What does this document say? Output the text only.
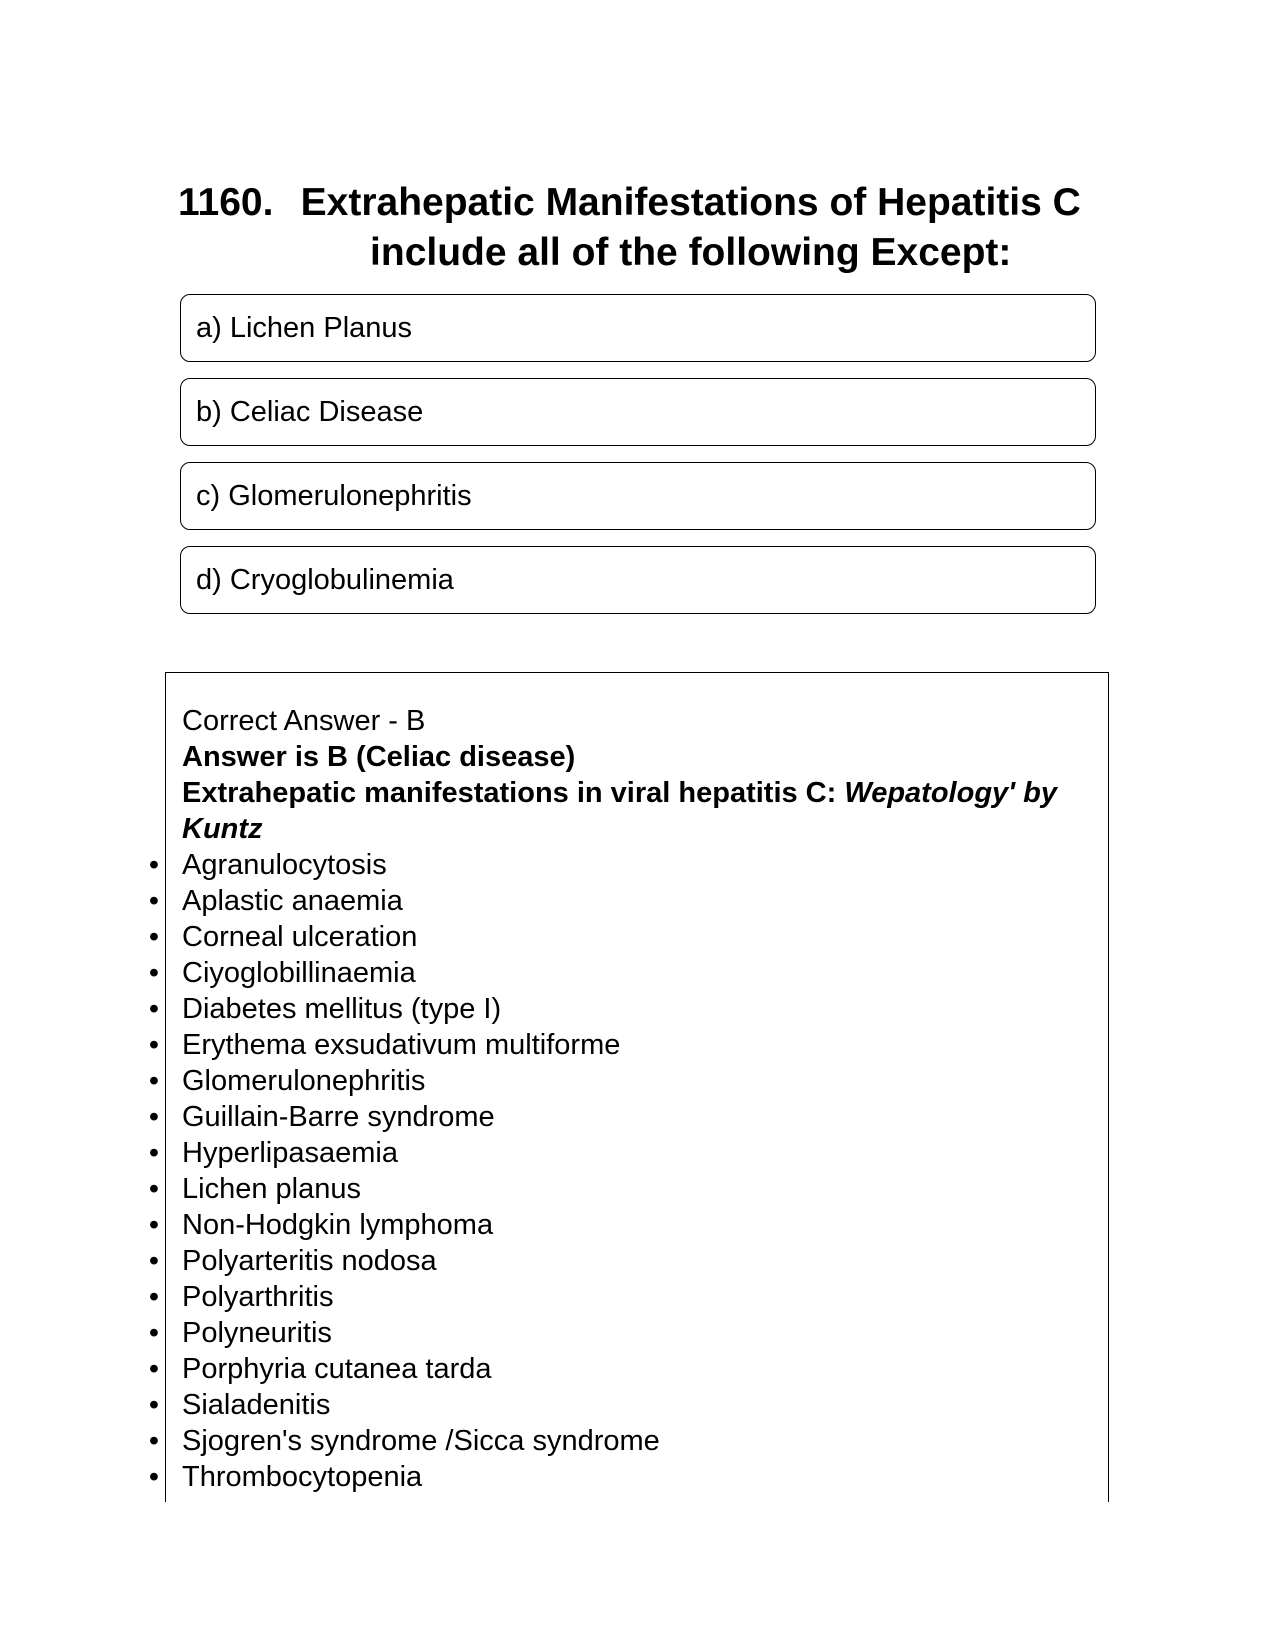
1160. Extrahepatic Manifestations of Hepatitis C include all of the following Except:
a) Lichen Planus
b) Celiac Disease
c) Glomerulonephritis
d) Cryoglobulinemia
Correct Answer - B
Answer is B (Celiac disease)
Extrahepatic manifestations in viral hepatitis C: Wepatology' by Kuntz
• Agranulocytosis
• Aplastic anaemia
• Corneal ulceration
• Ciyoglobillinaemia
• Diabetes mellitus (type I)
• Erythema exsudativum multiforme
• Glomerulonephritis
• Guillain-Barre syndrome
• Hyperlipasaemia
• Lichen planus
• Non-Hodgkin lymphoma
• Polyarteritis nodosa
• Polyarthritis
• Polyneuritis
• Porphyria cutanea tarda
• Sialadenitis
• Sjogren's syndrome /Sicca syndrome
• Thrombocytopenia
